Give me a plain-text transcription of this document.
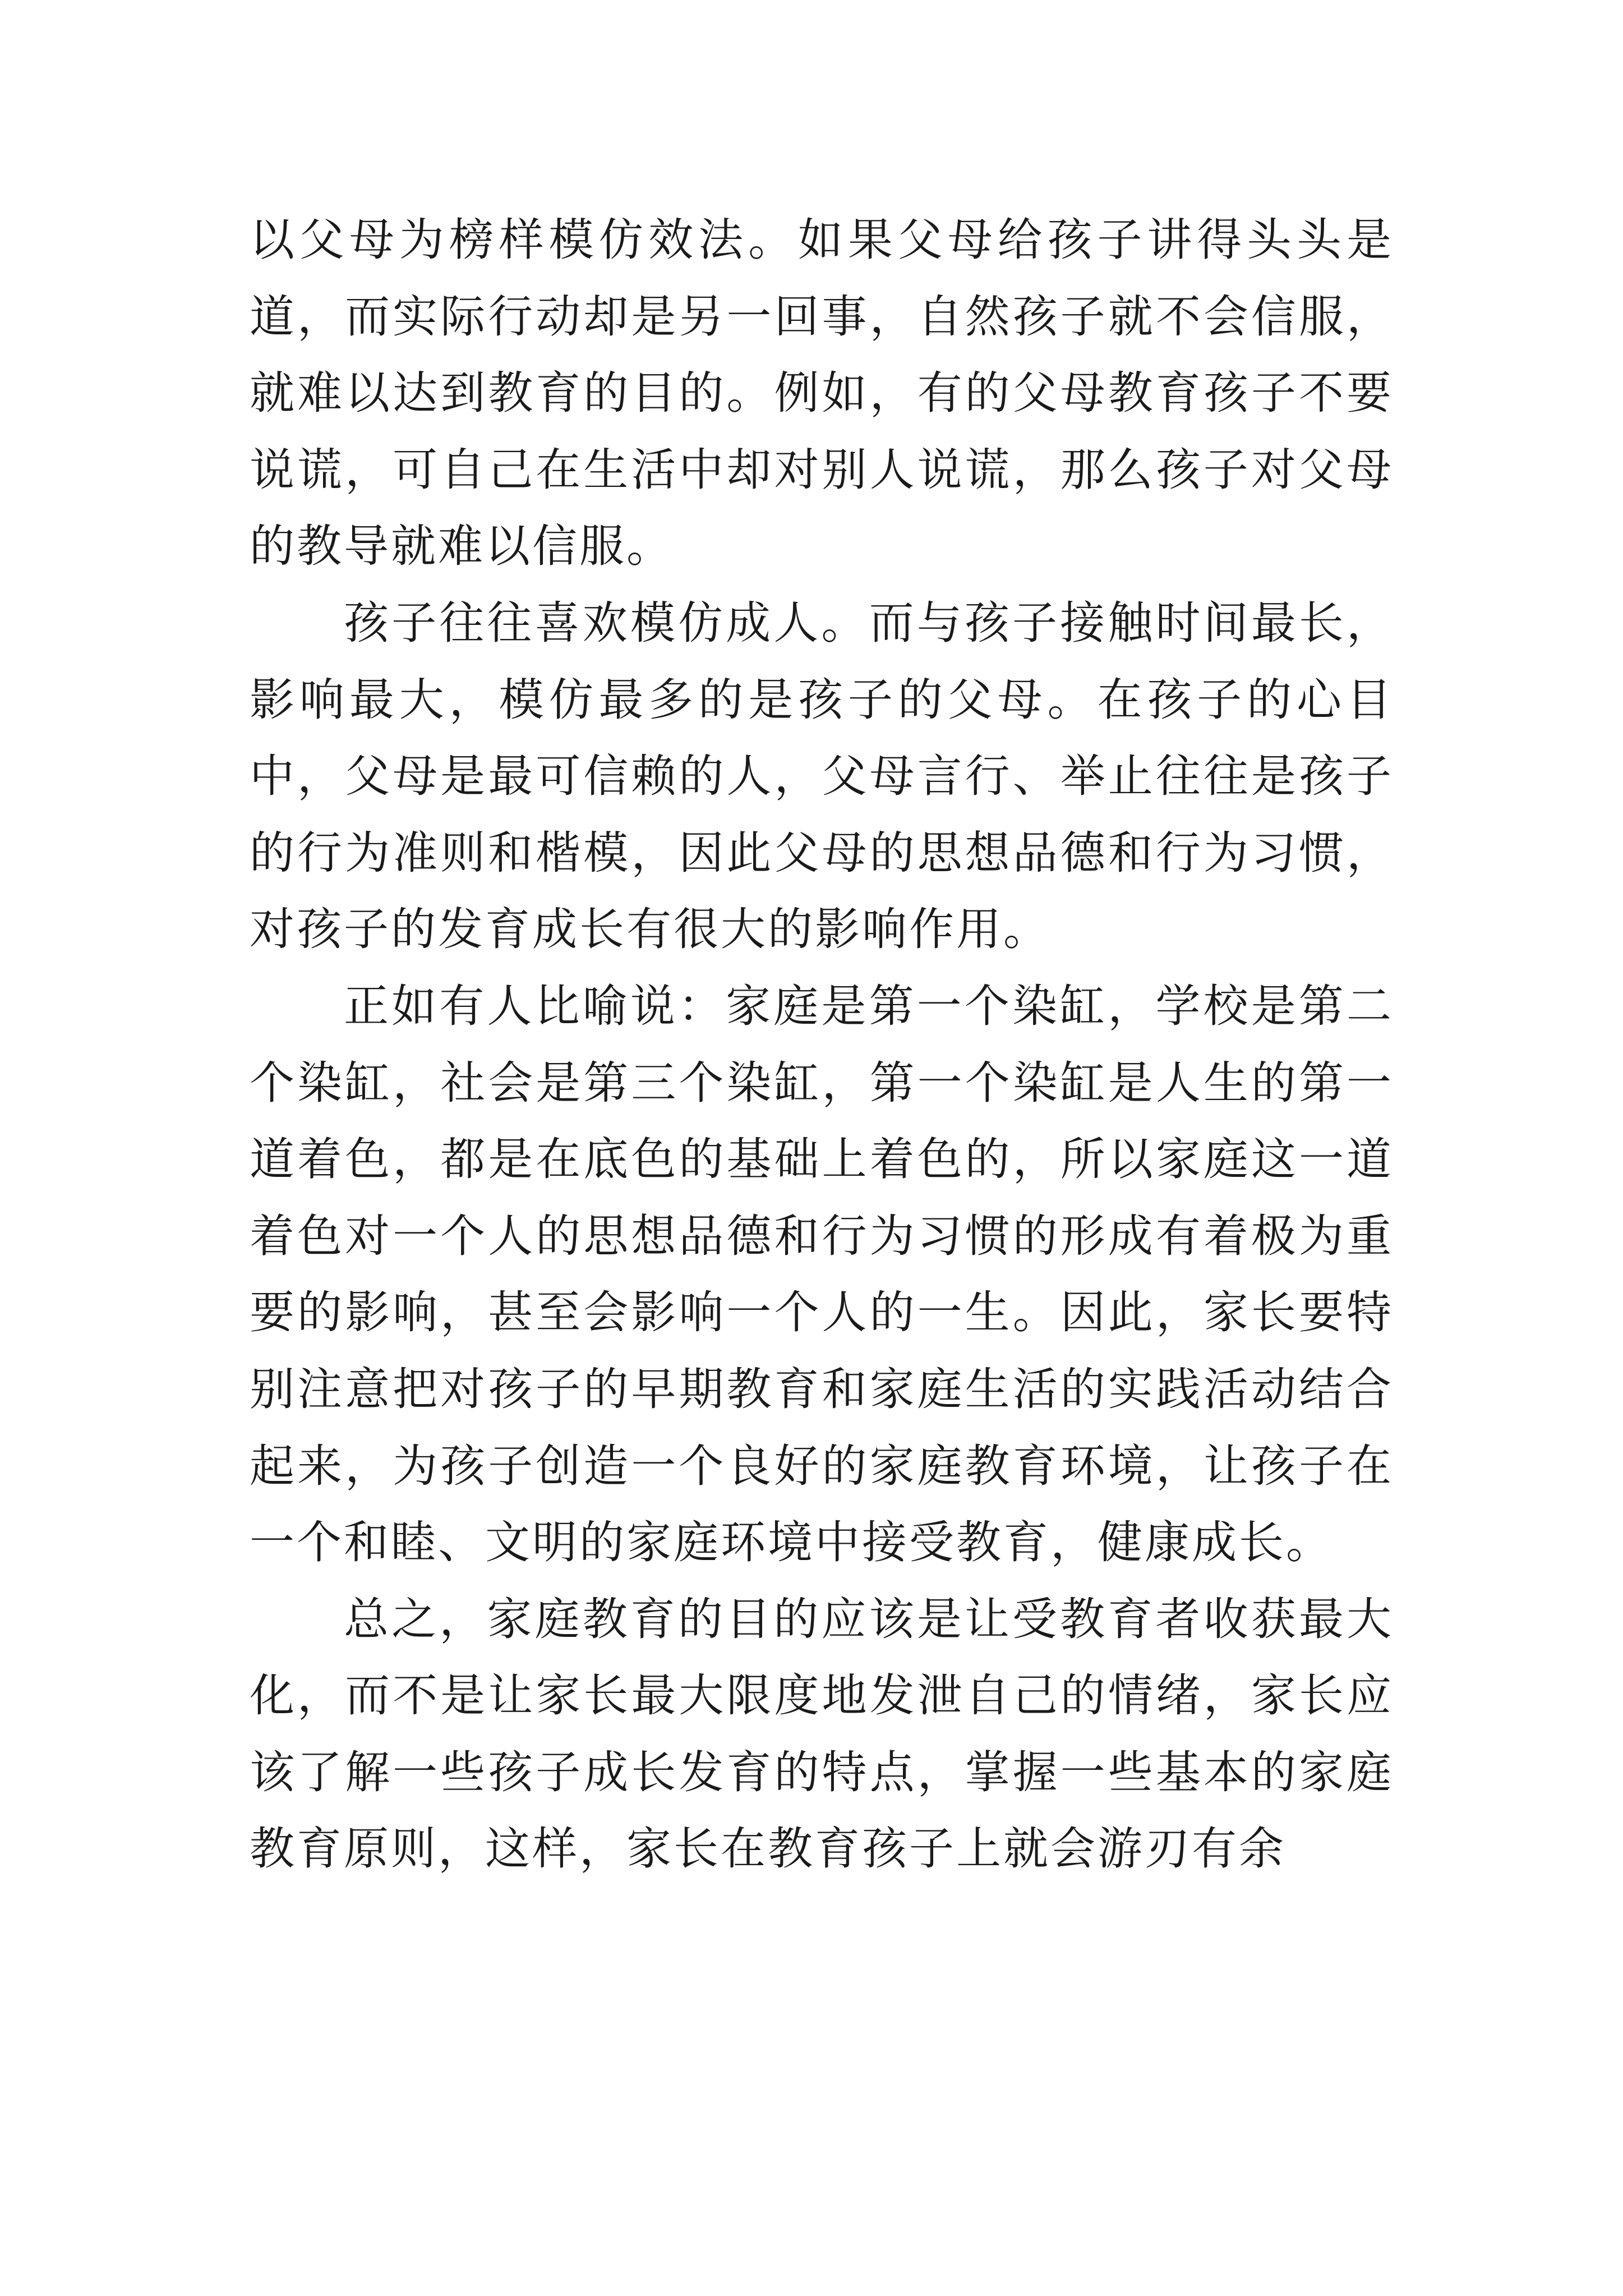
以父母为榜样模仿效法。如果父母给孩子讲得头头是道，而实际行动却是另一回事，自然孩子就不会信服，就难以达到教育的目的。例如，有的父母教育孩子不要说谎，可自己在生活中却对别人说谎，那么孩子对父母的教导就难以信服。

孩子往往喜欢模仿成人。而与孩子接触时间最长，影响最大，模仿最多的是孩子的父母。在孩子的心目中，父母是最可信赖的人，父母言行、举止往往是孩子的行为准则和楷模，因此父母的思想品德和行为习惯，对孩子的发育成长有很大的影响作用。

正如有人比喻说：家庭是第一个染缸，学校是第二个染缸，社会是第三个染缸，第一个染缸是人生的第一道着色，都是在底色的基础上着色的，所以家庭这一道着色对一个人的思想品德和行为习惯的形成有着极为重要的影响，甚至会影响一个人的一生。因此，家长要特别注意把对孩子的早期教育和家庭生活的实践活动结合起来，为孩子创造一个良好的家庭教育环境，让孩子在一个和睦、文明的家庭环境中接受教育，健康成长。

总之，家庭教育的目的应该是让受教育者收获最大化，而不是让家长最大限度地发泄自己的情绪，家长应该了解一些孩子成长发育的特点，掌握一些基本的家庭教育原则，这样，家长在教育孩子上就会游刃有余
